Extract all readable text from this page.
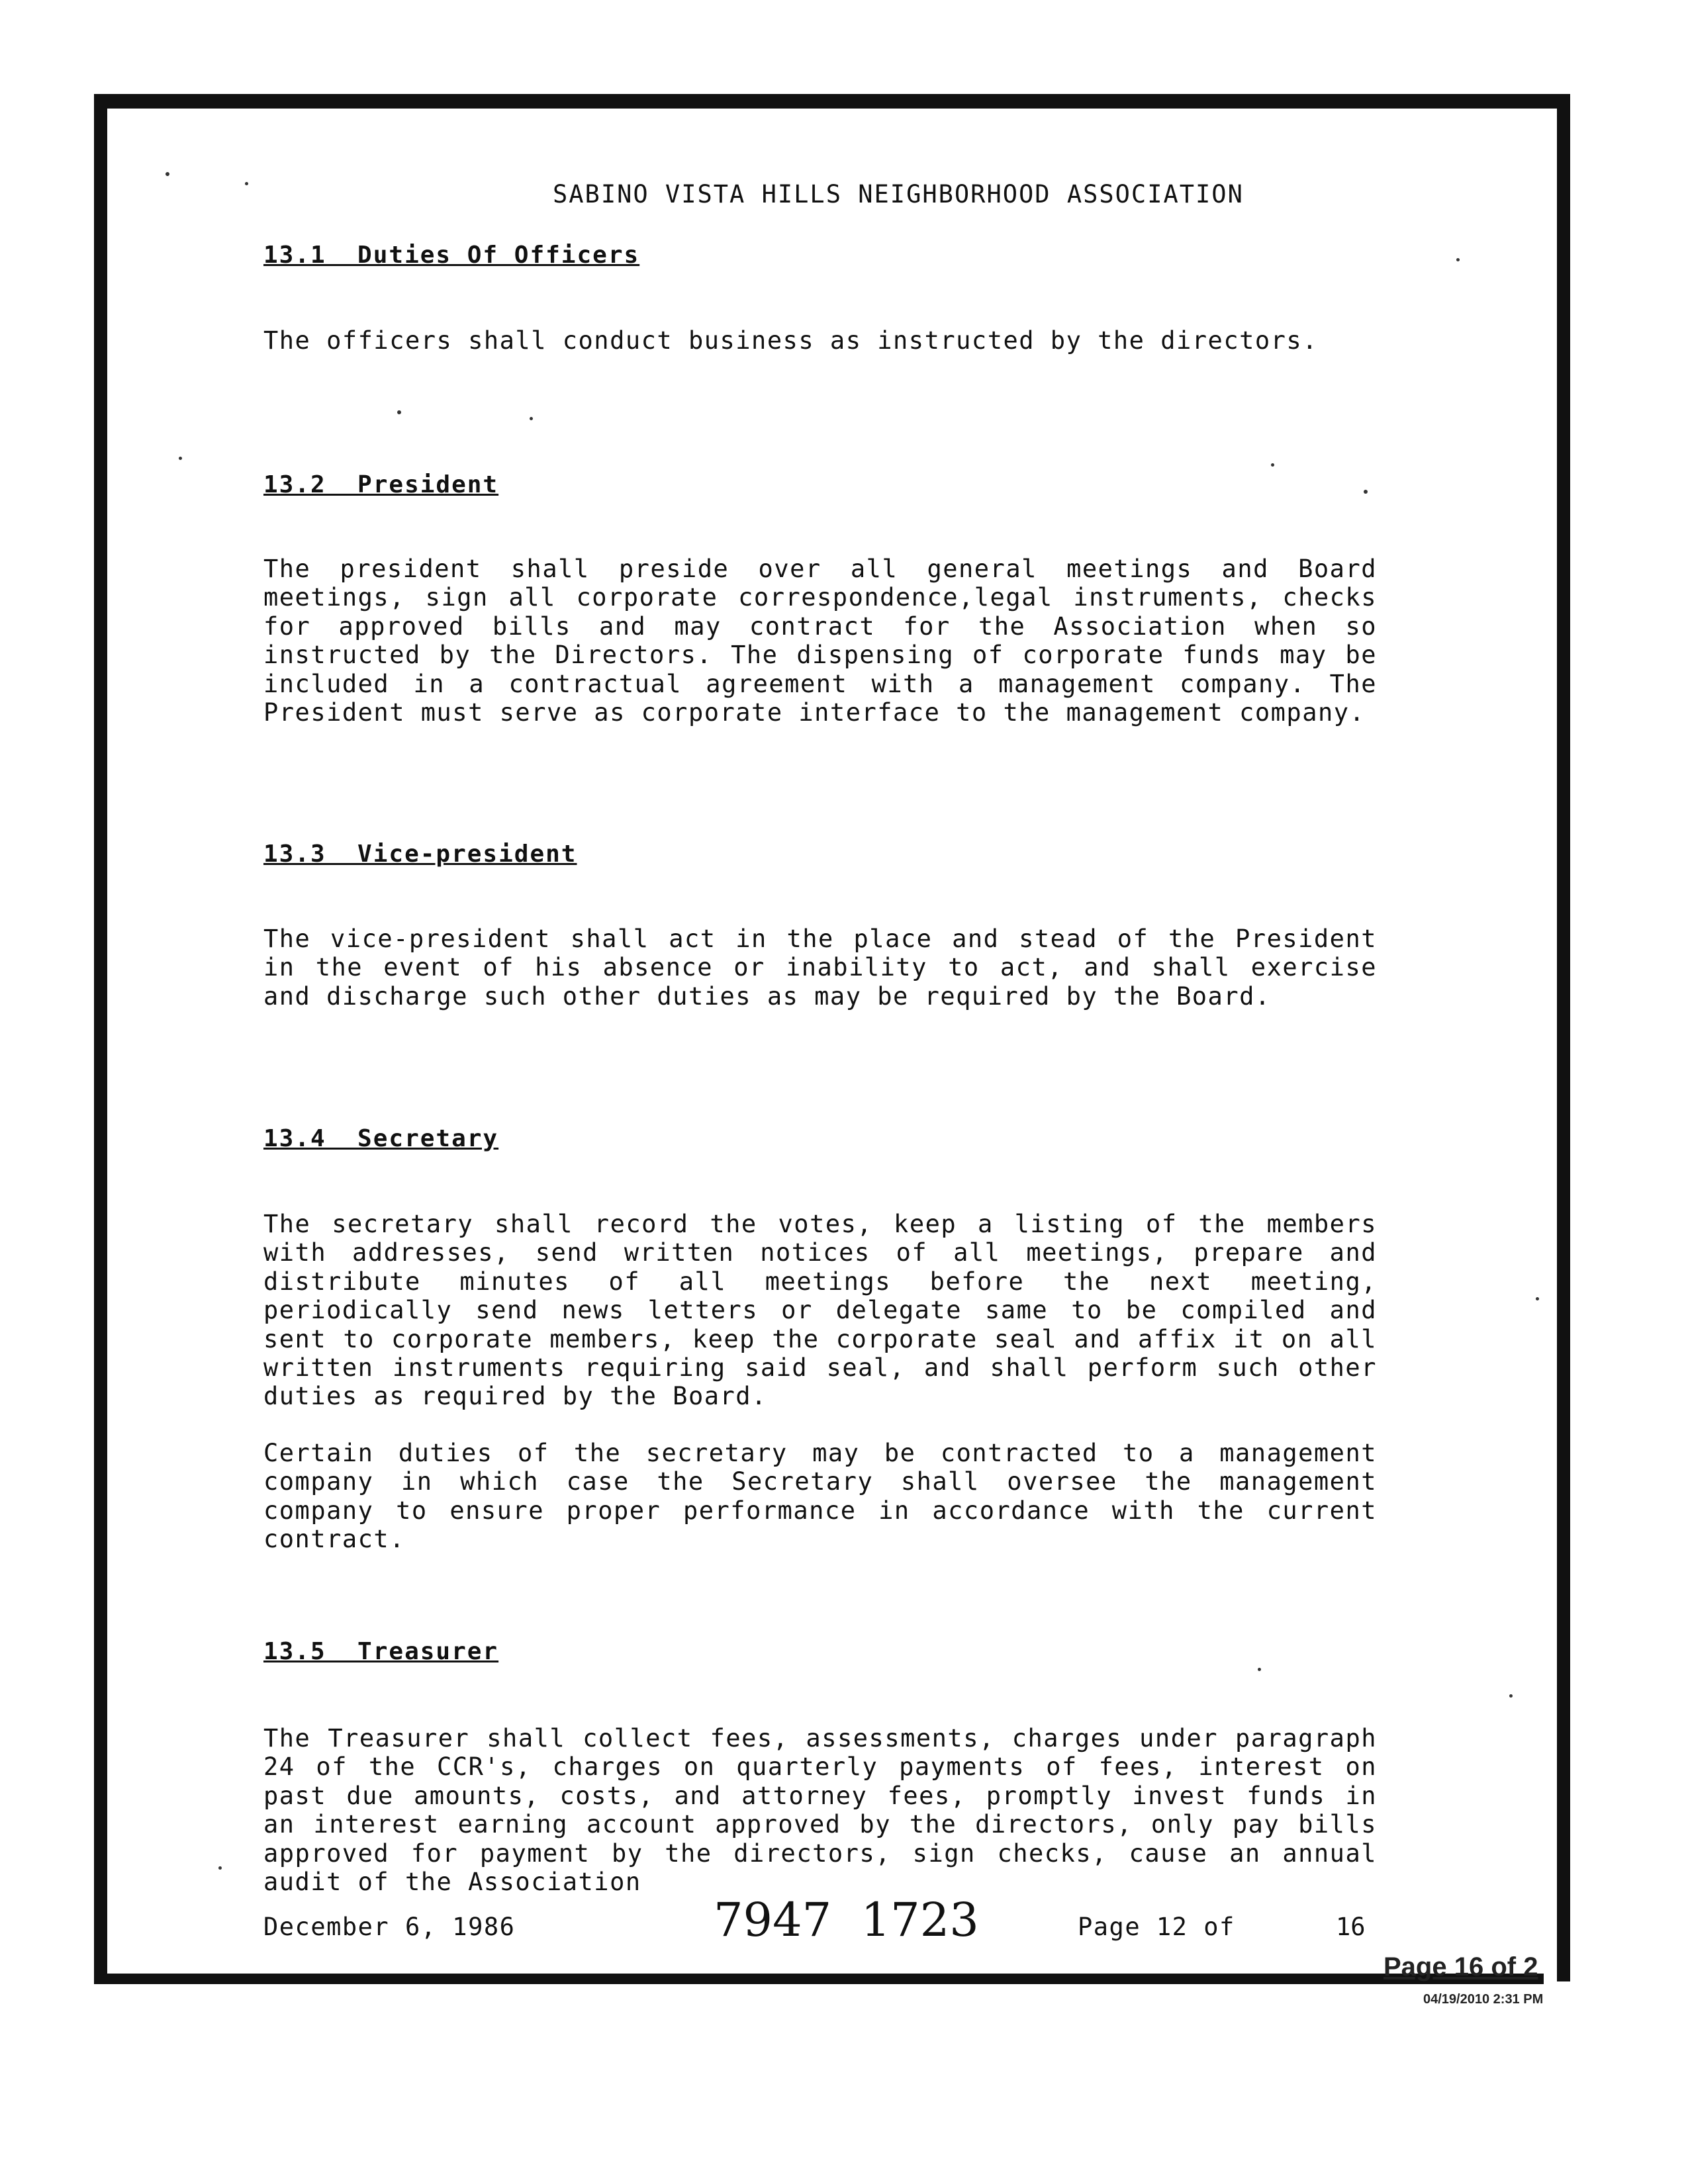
SABINO VISTA HILLS NEIGHBORHOOD ASSOCIATION
13.1  Duties Of Officers
The officers shall conduct business as instructed by the directors.
13.2  President
The president shall preside over all general meetings and Board meetings, sign all corporate correspondence,legal instruments, checks for approved bills and may contract for the Association when so instructed by the Directors. The dispensing of corporate funds may be included in a contractual agreement with a management company. The President must serve as corporate interface to the management company.
13.3  Vice-president
The vice-president shall act in the place and stead of the President in the event of his absence or inability to act, and shall exercise and discharge such other duties as may be required by the Board.
13.4  Secretary
The secretary shall record the votes, keep a listing of the members with addresses, send written notices of all meetings, prepare and distribute minutes of all meetings before the next meeting, periodically send news letters or delegate same to be compiled and sent to corporate members, keep the corporate seal and affix it on all written instruments requiring said seal, and shall perform such other duties as required by the Board.
Certain duties of the secretary may be contracted to a management company in which case the Secretary shall oversee the management company to ensure proper performance in accordance with the current contract.
13.5  Treasurer
The Treasurer shall collect fees, assessments, charges under paragraph 24 of the CCR's, charges on quarterly payments of fees, interest on past due amounts, costs, and attorney fees, promptly invest funds in an interest earning account approved by the directors, only pay bills approved for payment by the directors, sign checks, cause an annual audit of the Association
December 6, 1986	7947  1723	Page 12 of	16
Page 16 of 2
04/19/2010 2:31 PM
